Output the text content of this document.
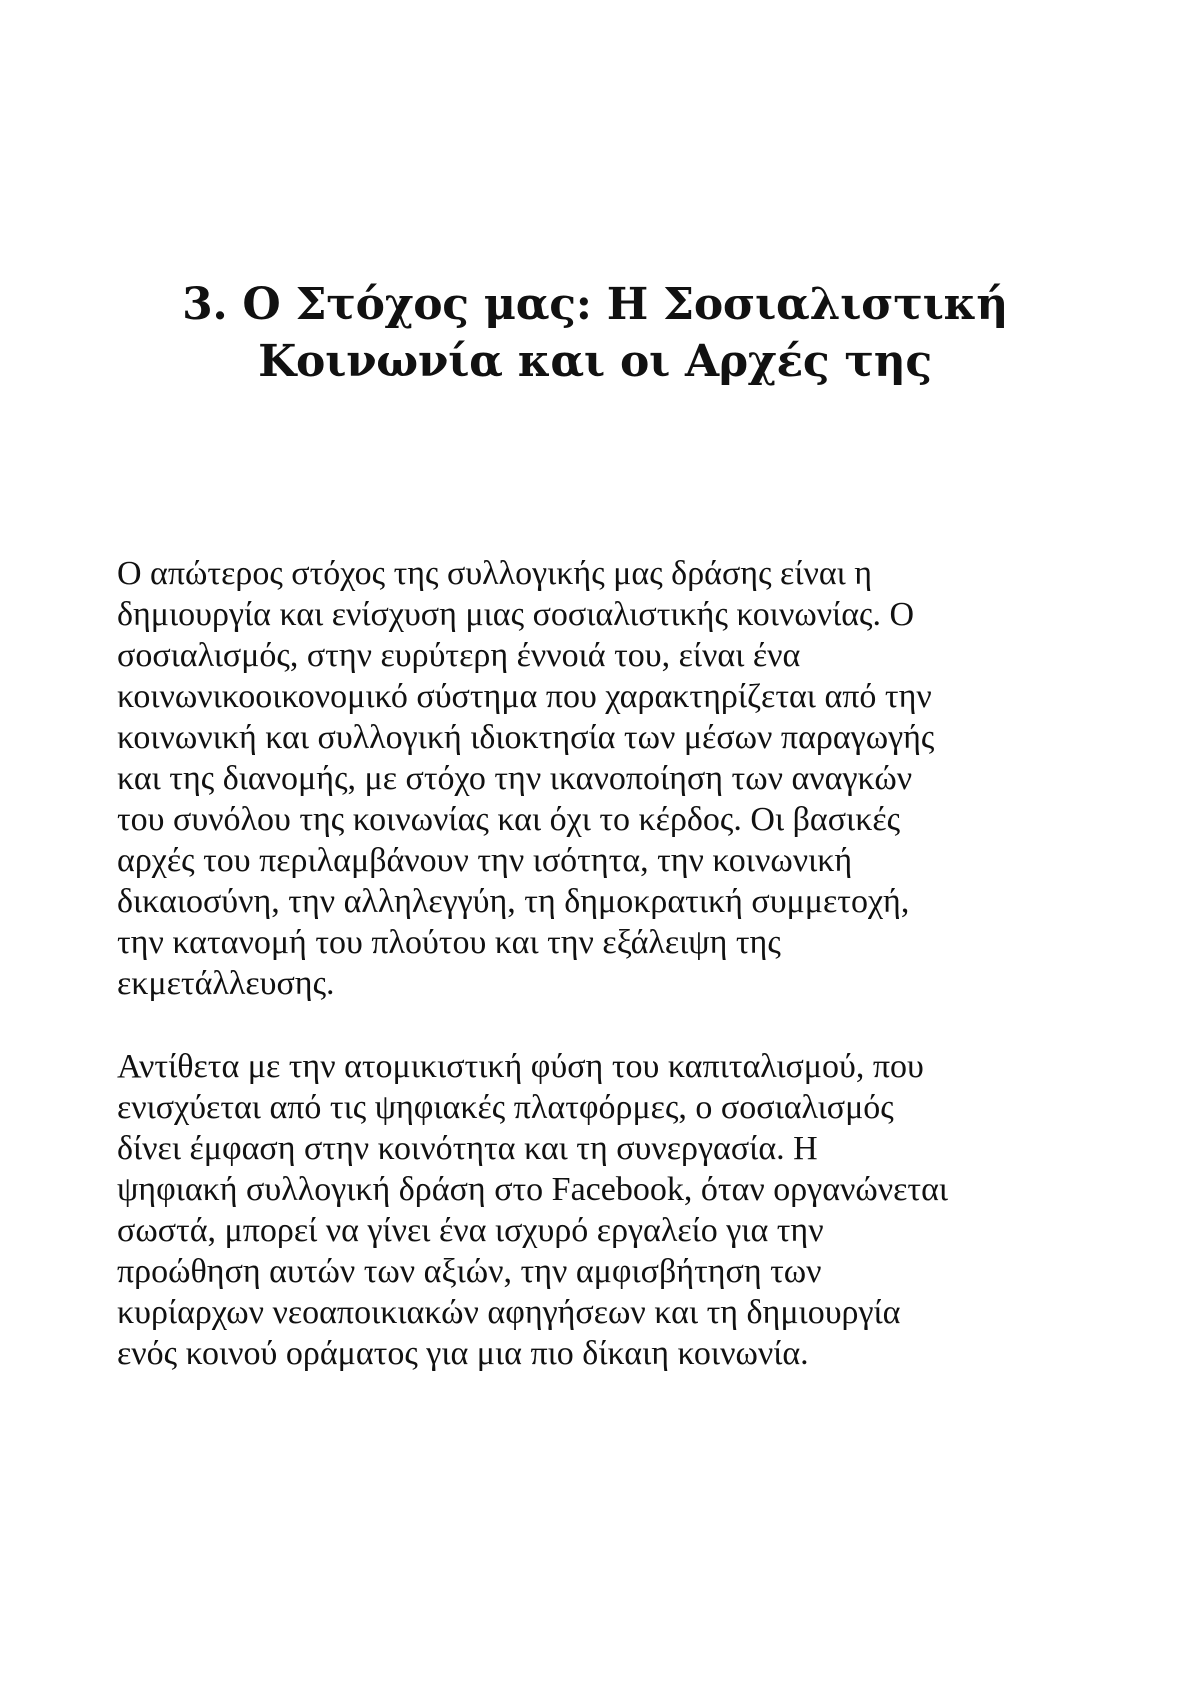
3. Ο Στόχος μας: Η Σοσιαλιστική
Κοινωνία και οι Αρχές της
Ο απώτερος στόχος της συλλογικής μας δράσης είναι η
δημιουργία και ενίσχυση μιας σοσιαλιστικής κοινωνίας. Ο
σοσιαλισμός, στην ευρύτερη έννοιά του, είναι ένα
κοινωνικοοικονομικό σύστημα που χαρακτηρίζεται από την
κοινωνική και συλλογική ιδιοκτησία των μέσων παραγωγής
και της διανομής, με στόχο την ικανοποίηση των αναγκών
του συνόλου της κοινωνίας και όχι το κέρδος. Οι βασικές
αρχές του περιλαμβάνουν την ισότητα, την κοινωνική
δικαιοσύνη, την αλληλεγγύη, τη δημοκρατική συμμετοχή,
την κατανομή του πλούτου και την εξάλειψη της
εκμετάλλευσης.
Αντίθετα με την ατομικιστική φύση του καπιταλισμού, που
ενισχύεται από τις ψηφιακές πλατφόρμες, ο σοσιαλισμός
δίνει έμφαση στην κοινότητα και τη συνεργασία. Η
ψηφιακή συλλογική δράση στο Facebook, όταν οργανώνεται
σωστά, μπορεί να γίνει ένα ισχυρό εργαλείο για την
προώθηση αυτών των αξιών, την αμφισβήτηση των
κυρίαρχων νεοαποικιακών αφηγήσεων και τη δημιουργία
ενός κοινού οράματος για μια πιο δίκαιη κοινωνία.
